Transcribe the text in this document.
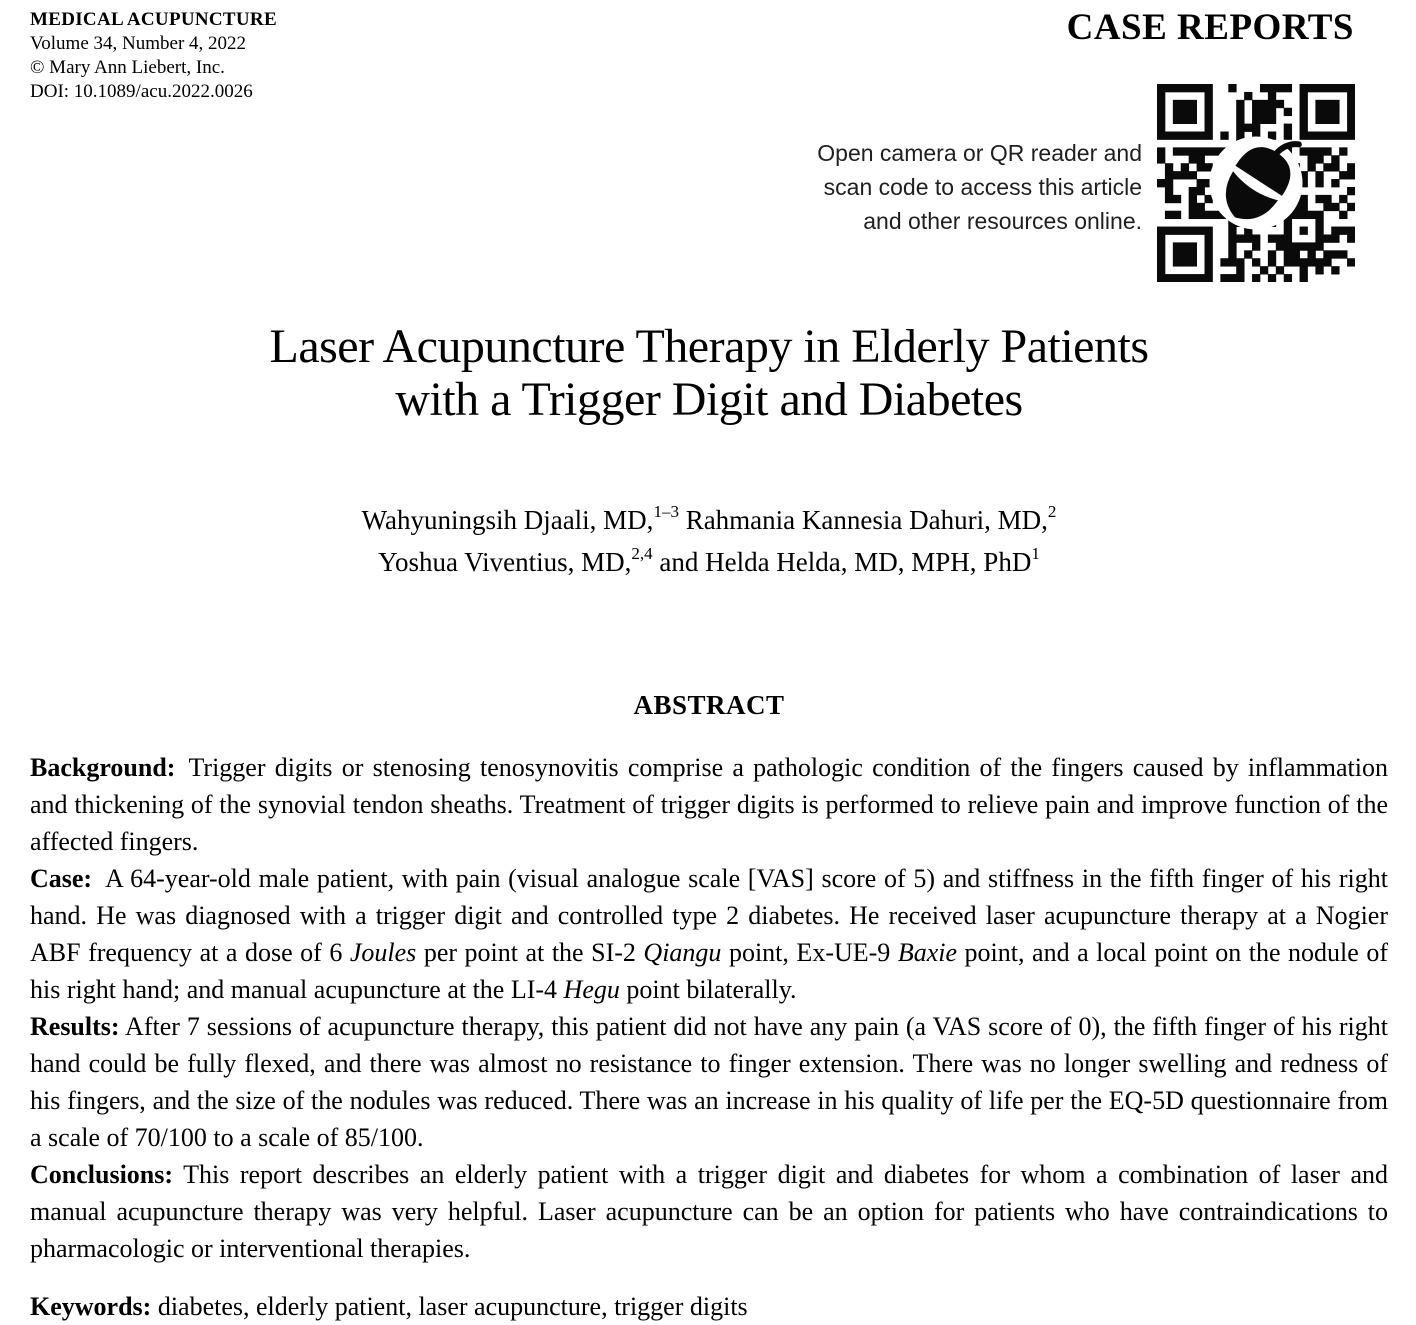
MEDICAL ACUPUNCTURE
Volume 34, Number 4, 2022
© Mary Ann Liebert, Inc.
DOI: 10.1089/acu.2022.0026
CASE REPORTS
Open camera or QR reader and
scan code to access this article
and other resources online.
Laser Acupuncture Therapy in Elderly Patients
with a Trigger Digit and Diabetes
Wahyuningsih Djaali, MD,$^{1-3}$ Rahmania Kannesia Dahuri, MD,$^2$
Yoshua Viventius, MD,$^{2,4}$ and Helda Helda, MD, MPH, PhD$^1$
ABSTRACT

Background: Trigger digits or stenosing tenosynovitis comprise a pathologic condition of the fingers caused by inflammation and thickening of the synovial tendon sheaths. Treatment of trigger digits is performed to relieve pain and improve function of the affected fingers.

Case: A 64-year-old male patient, with pain (visual analogue scale [VAS] score of 5) and stiffness in the fifth finger of his right hand. He was diagnosed with a trigger digit and controlled type 2 diabetes. He received laser acupuncture therapy at a Nogier ABF frequency at a dose of 6 Joules per point at the SI-2 Qiangu point, Ex-UE-9 Baxie point, and a local point on the nodule of his right hand; and manual acupuncture at the LI-4 Hegu point bilaterally.

Results: After 7 sessions of acupuncture therapy, this patient did not have any pain (a VAS score of 0), the fifth finger of his right hand could be fully flexed, and there was almost no resistance to finger extension. There was no longer swelling and redness of his fingers, and the size of the nodules was reduced. There was an increase in his quality of life per the EQ-5D questionnaire from a scale of 70/100 to a scale of 85/100.

Conclusions: This report describes an elderly patient with a trigger digit and diabetes for whom a combination of laser and manual acupuncture therapy was very helpful. Laser acupuncture can be an option for patients who have contraindications to pharmacologic or interventional therapies.

Keywords: diabetes, elderly patient, laser acupuncture, trigger digits
